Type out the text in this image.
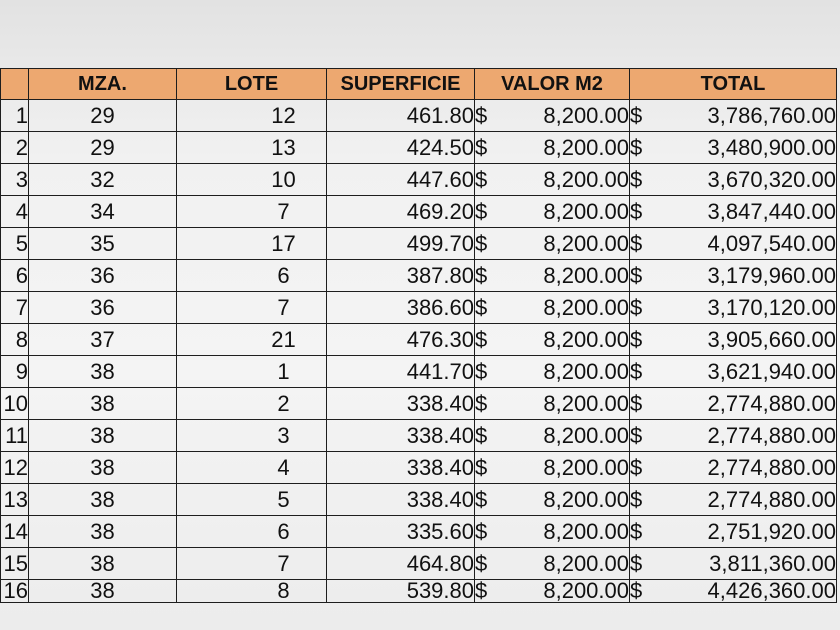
	MZA.	LOTE	SUPERFICIE	VALOR M2	TOTAL
1	29	12	461.80	$ 8,200.00	$ 3,786,760.00

2	29	13	424.50	$ 8,200.00	$ 3,480,900.00

3	32	10	447.60	$ 8,200.00	$ 3,670,320.00

4	34	7	469.20	$ 8,200.00	$ 3,847,440.00

5	35	17	499.70	$ 8,200.00	$ 4,097,540.00

6	36	6	387.80	$ 8,200.00	$ 3,179,960.00

7	36	7	386.60	$ 8,200.00	$ 3,170,120.00

8	37	21	476.30	$ 8,200.00	$ 3,905,660.00

9	38	1	441.70	$ 8,200.00	$ 3,621,940.00

10	38	2	338.40	$ 8,200.00	$ 2,774,880.00

11	38	3	338.40	$ 8,200.00	$ 2,774,880.00

12	38	4	338.40	$ 8,200.00	$ 2,774,880.00

13	38	5	338.40	$ 8,200.00	$ 2,774,880.00

14	38	6	335.60	$ 8,200.00	$ 2,751,920.00

15	38	7	464.80	$ 8,200.00	$ 3,811,360.00

16	38	8	539.80	$ 8,200.00	$ 4,426,360.00
